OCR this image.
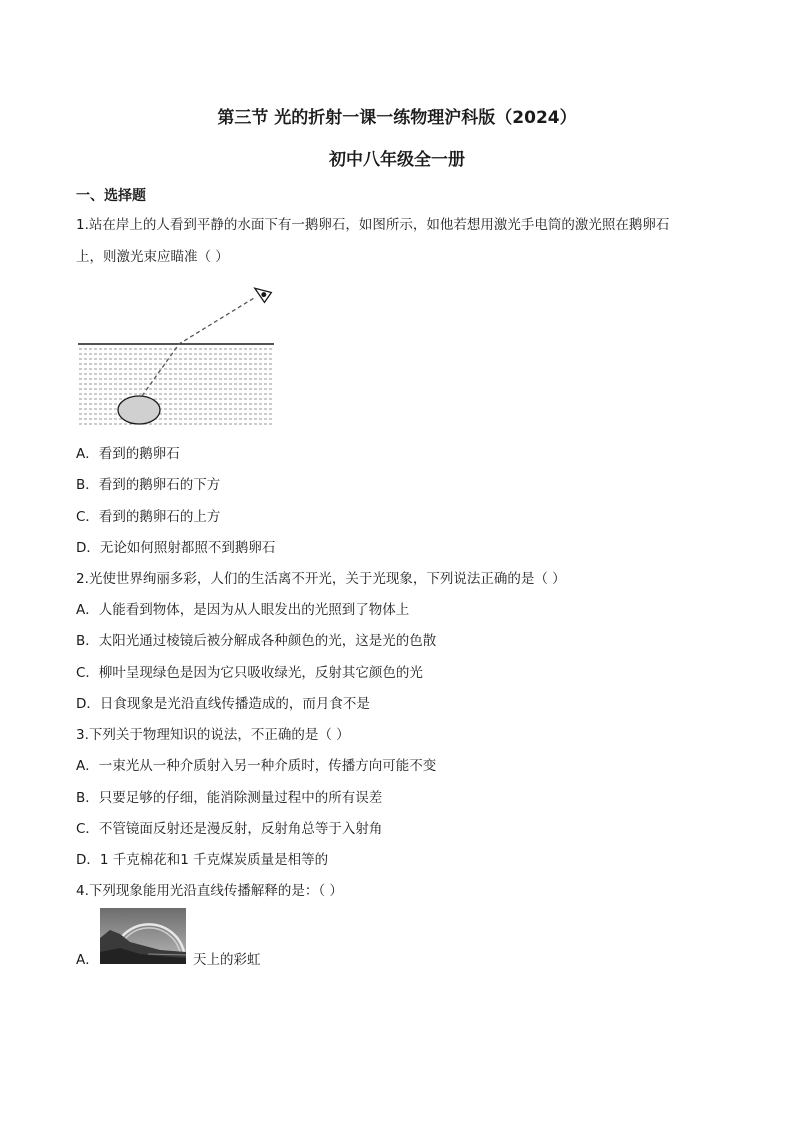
第三节 光的折射一课一练物理沪科版（2024）
初中八年级全一册
一、选择题
1.站在岸上的人看到平静的水面下有一鹅卵石，如图所示，如他若想用激光手电筒的激光照在鹅卵石
上，则激光束应瞄准（ ）
A．看到的鹅卵石
B．看到的鹅卵石的下方
C．看到的鹅卵石的上方
D．无论如何照射都照不到鹅卵石
2.光使世界绚丽多彩，人们的生活离不开光，关于光现象，下列说法正确的是（ ）
A．人能看到物体，是因为从人眼发出的光照到了物体上
B．太阳光通过棱镜后被分解成各种颜色的光，这是光的色散
C．柳叶呈现绿色是因为它只吸收绿光，反射其它颜色的光
D．日食现象是光沿直线传播造成的，而月食不是
3.下列关于物理知识的说法，不正确的是（ ）
A．一束光从一种介质射入另一种介质时，传播方向可能不变
B．只要足够的仔细，能消除测量过程中的所有误差
C．不管镜面反射还是漫反射，反射角总等于入射角
D．1 千克棉花和1 千克煤炭质量是相等的
4.下列现象能用光沿直线传播解释的是：（ ）
A．	天上的彩虹
